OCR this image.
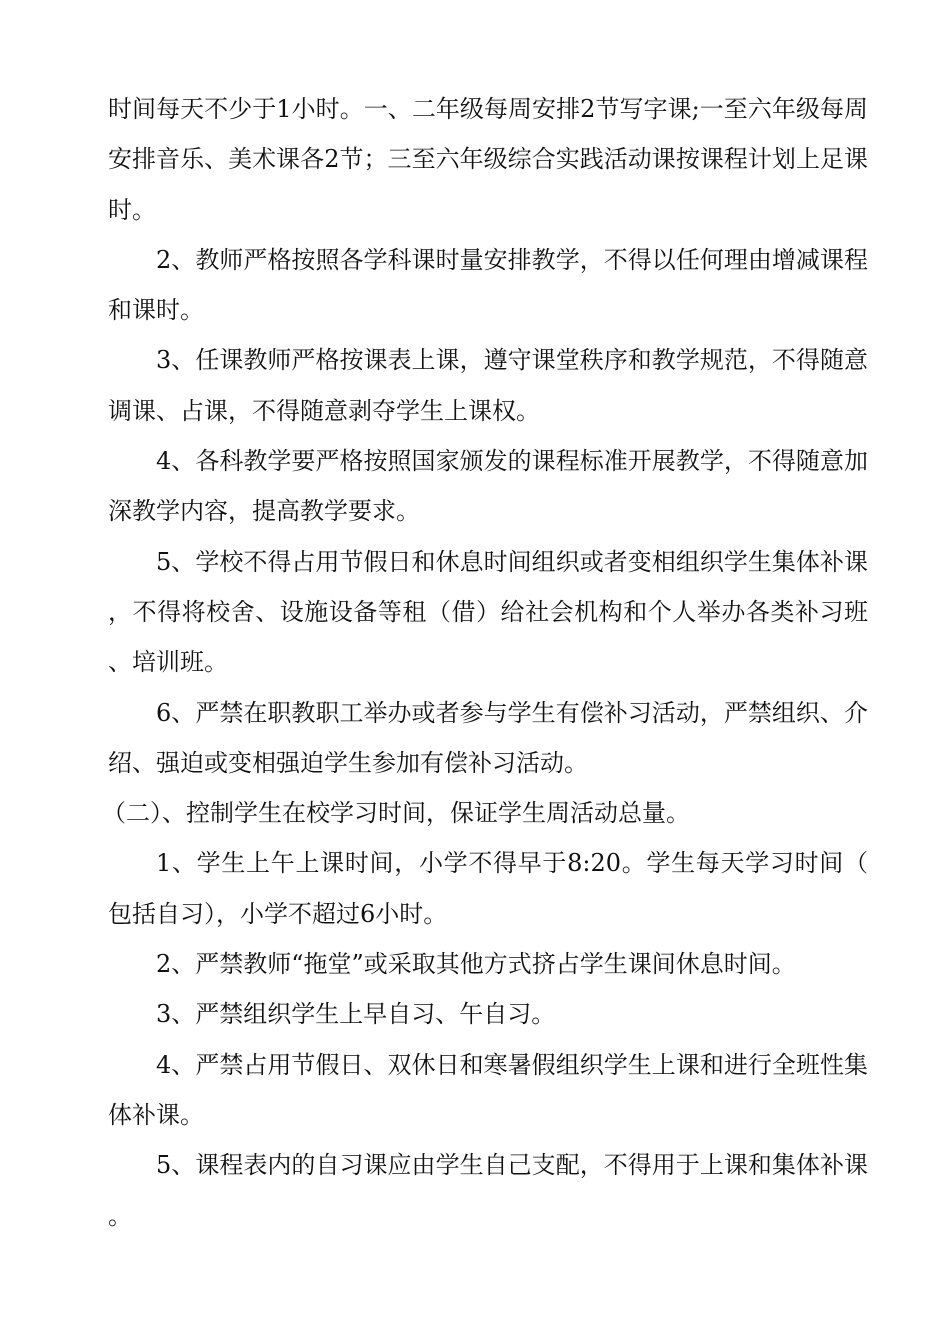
时间每天不少于1小时。一、二年级每周安排2节写字课;一至六年级每周安排音乐、美术课各2节；三至六年级综合实践活动课按课程计划上足课时。

2、教师严格按照各学科课时量安排教学，不得以任何理由增减课程和课时。

3、任课教师严格按课表上课，遵守课堂秩序和教学规范，不得随意调课、占课，不得随意剥夺学生上课权。

4、各科教学要严格按照国家颁发的课程标准开展教学，不得随意加深教学内容，提高教学要求。

5、学校不得占用节假日和休息时间组织或者变相组织学生集体补课，不得将校舍、设施设备等租（借）给社会机构和个人举办各类补习班、培训班。

6、严禁在职教职工举办或者参与学生有偿补习活动，严禁组织、介绍、强迫或变相强迫学生参加有偿补习活动。

（二）、控制学生在校学习时间，保证学生周活动总量。

1、学生上午上课时间，小学不得早于8:20。学生每天学习时间（包括自习），小学不超过6小时。

2、严禁教师“拖堂”或采取其他方式挤占学生课间休息时间。

3、严禁组织学生上早自习、午自习。

4、严禁占用节假日、双休日和寒暑假组织学生上课和进行全班性集体补课。

5、课程表内的自习课应由学生自己支配，不得用于上课和集体补课。
